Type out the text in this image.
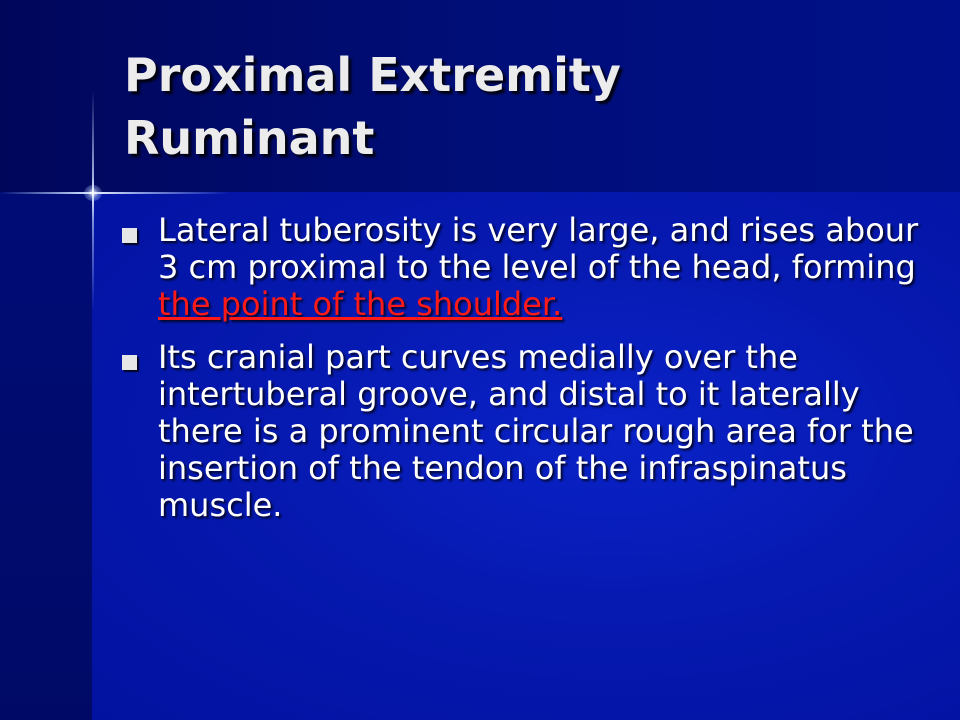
Proximal Extremity
Ruminant
Lateral tuberosity is very large, and rises abour 3 cm proximal to the level of the head, forming the point of the shoulder.
Its cranial part curves medially over the intertuberal groove, and distal to it laterally there is a prominent circular rough area for the insertion of the tendon of the infraspinatus muscle.
